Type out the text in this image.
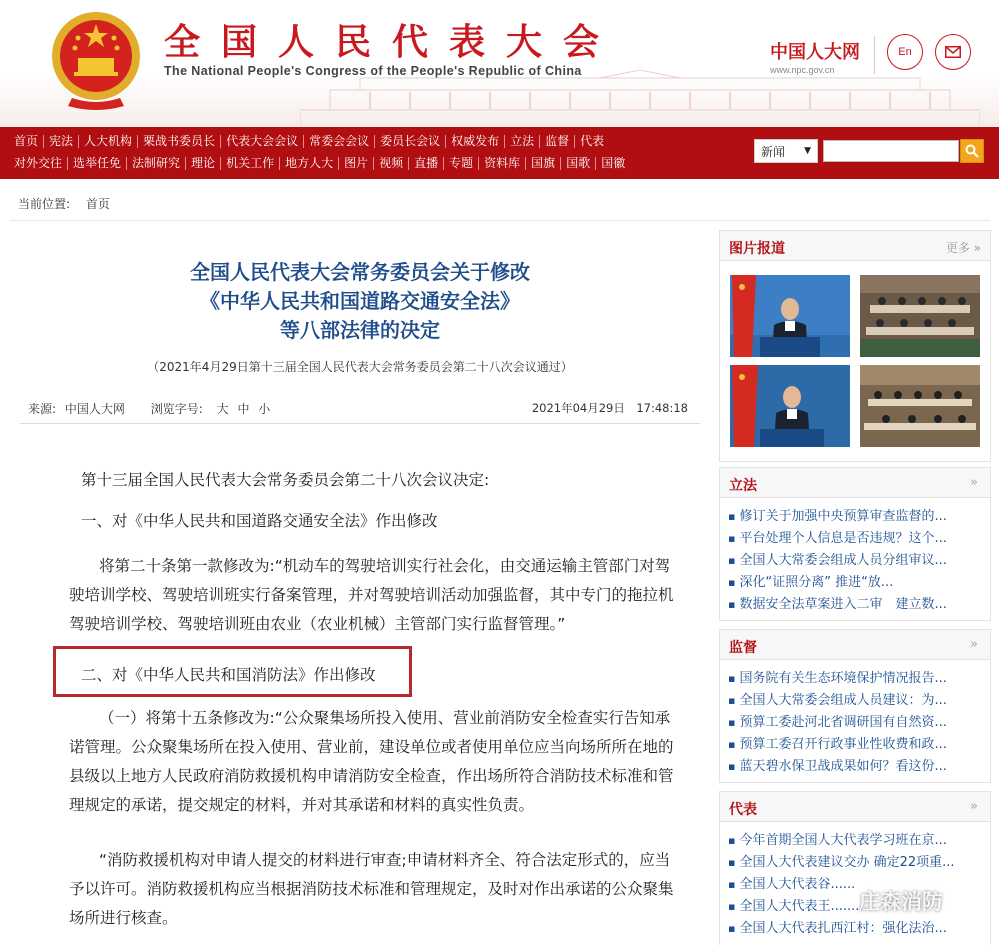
全国人民代表大会
The National People's Congress of the People's Republic of China
中国人大网
www.npc.gov.cn
En
首页 宪法 人大机构 栗战书委员长 代表大会会议 常委会会议 委员长会议 权威发布 立法 监督 代表
对外交往 选举任免 法制研究 理论 机关工作 地方人大 图片 视频 直播 专题 资料库 国旗 国歌 国徽
新闻 ▼
当前位置: 首页
全国人民代表大会常务委员会关于修改
《中华人民共和国道路交通安全法》
等八部法律的决定
（2021年4月29日第十三届全国人民代表大会常务委员会第二十八次会议通过）
来源: 中国人大网 浏览字号: 大 中 小	2021年04月29日　17:48:18
第十三届全国人民代表大会常务委员会第二十八次会议决定:
一、对《中华人民共和国道路交通安全法》作出修改
将第二十条第一款修改为:“机动车的驾驶培训实行社会化，由交通运输主管部门对驾驶培训学校、驾驶培训班实行备案管理，并对驾驶培训活动加强监督，其中专门的拖拉机驾驶培训学校、驾驶培训班由农业（农业机械）主管部门实行监督管理。”
二、对《中华人民共和国消防法》作出修改
（一）将第十五条修改为:“公众聚集场所投入使用、营业前消防安全检查实行告知承诺管理。公众聚集场所在投入使用、营业前，建设单位或者使用单位应当向场所所在地的县级以上地方人民政府消防救援机构申请消防安全检查，作出场所符合消防技术标准和管理规定的承诺，提交规定的材料，并对其承诺和材料的真实性负责。
“消防救援机构对申请人提交的材料进行审查;申请材料齐全、符合法定形式的，应当予以许可。消防救援机构应当根据消防技术标准和管理规定，及时对作出承诺的公众聚集场所进行核查。
图片报道	更多 »
立法	»
▪ 修订关于加强中央预算审查监督的...
▪ 平台处理个人信息是否违规？这个...
▪ 全国人大常委会组成人员分组审议...
▪ 深化“证照分离” 推进“放...
▪ 数据安全法草案进入二审　建立数...
监督	»
▪ 国务院有关生态环境保护情况报告...
▪ 全国人大常委会组成人员建议：为...
▪ 预算工委赴河北省调研国有自然资...
▪ 预算工委召开行政事业性收费和政...
▪ 蓝天碧水保卫战成果如何？看这份...
代表	»
▪ 今年首期全国人大代表学习班在京...
▪ 全国人大代表建议交办 确定22项重...
▪ 全国人大代表谷......
▪ 全国人大代表王.........
▪ 全国人大代表扎西江村：强化法治...
　庄森消防
